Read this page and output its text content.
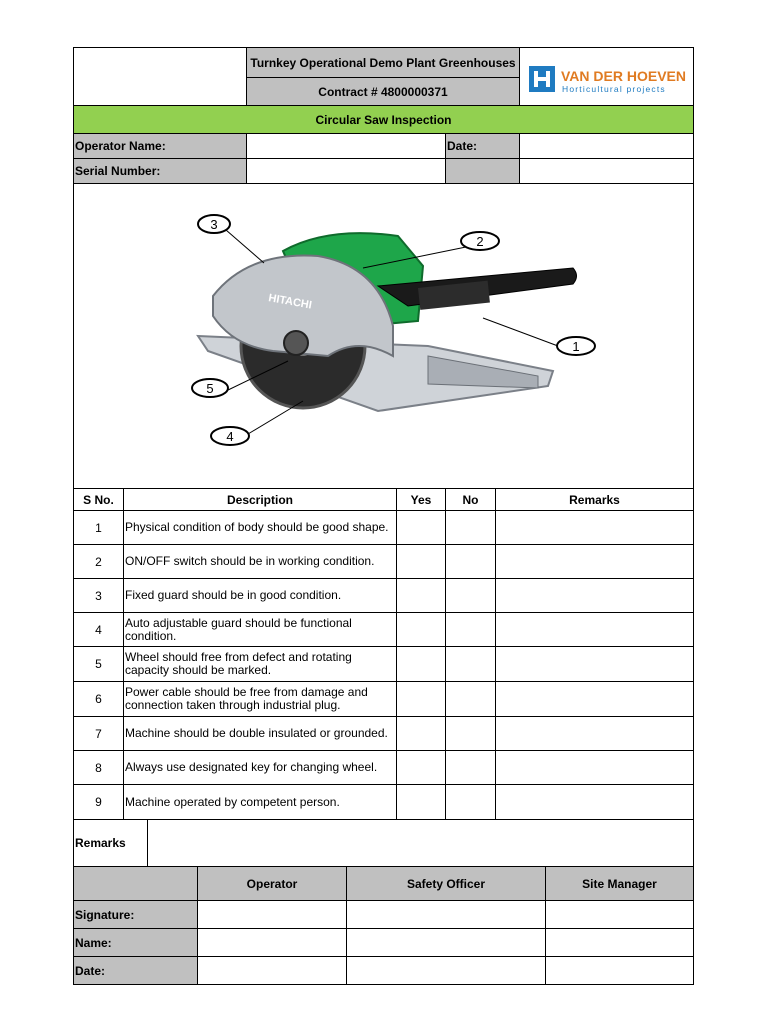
Turnkey Operational Demo Plant Greenhouses
Contract # 4800000371
VAN DER HOEVEN
Horticultural projects
Circular Saw Inspection
Operator Name:	Date:
Serial Number:
HITACHI
3
2
1
5
4
S No.	Description	Yes	No	Remarks
1	Physical condition of body should be good shape.
2	ON/OFF switch should be in working condition.
3	Fixed guard should be in good condition.
4	Auto adjustable guard should be functional condition.
5	Wheel should free from defect and rotating capacity should be marked.
6	Power cable should be free from damage and connection taken through industrial plug.
7	Machine should be double insulated or grounded.
8	Always use designated key for changing wheel.
9	Machine operated by competent person.
Remarks
Operator	Safety Officer	Site Manager
Signature:
Name:
Date:
